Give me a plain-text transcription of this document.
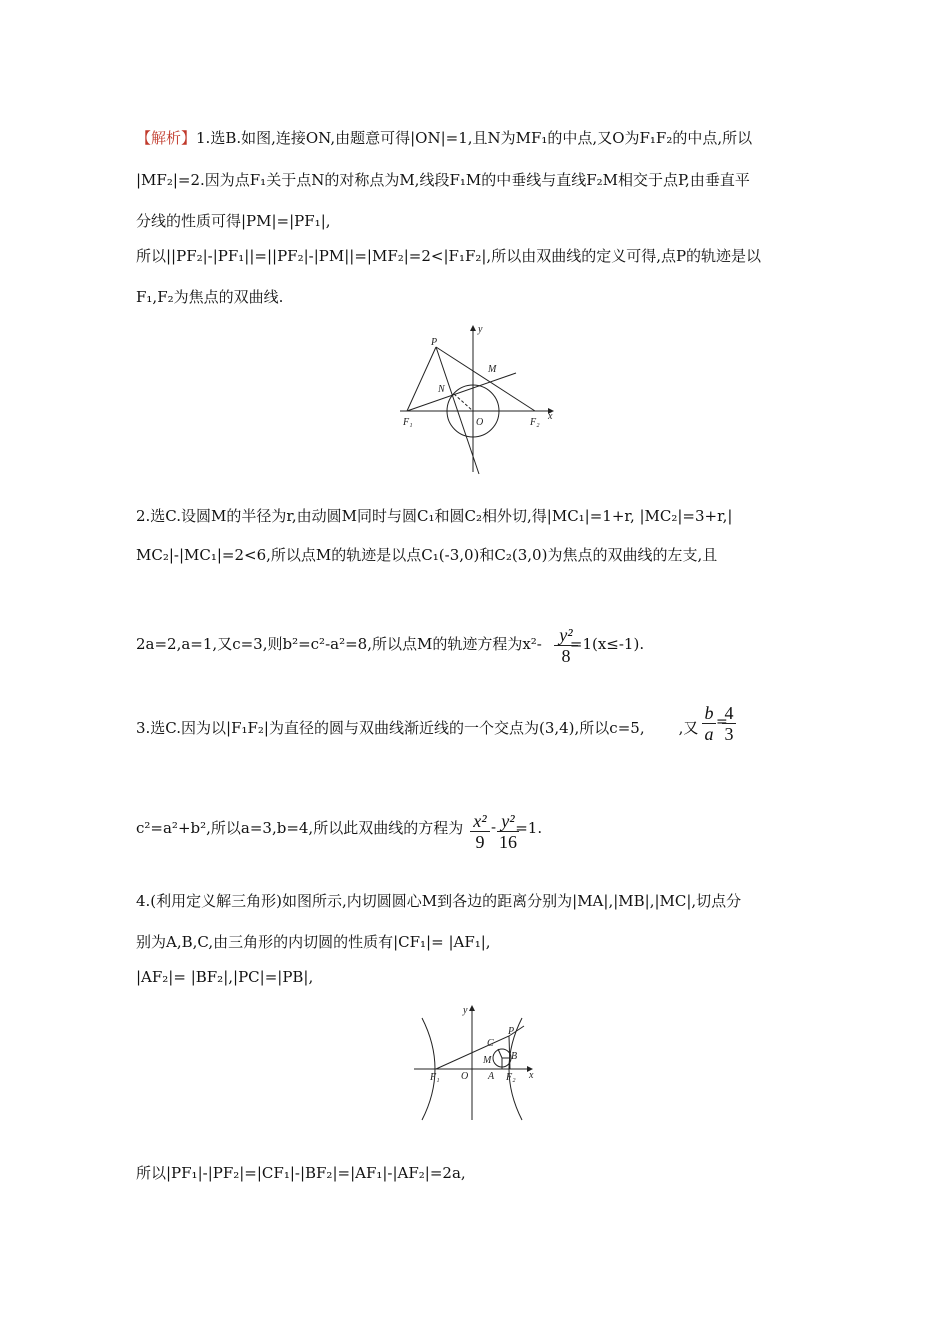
【解析】1.选B.如图,连接ON,由题意可得|ON|=1,且N为MF₁的中点,又O为F₁F₂的中点,所以
|MF₂|=2.因为点F₁关于点N的对称点为M,线段F₁M的中垂线与直线F₂M相交于点P,由垂直平
分线的性质可得|PM|=|PF₁|,
所以||PF₂|-|PF₁||=||PF₂|-|PM||=|MF₂|=2<|F₁F₂|,所以由双曲线的定义可得,点P的轨迹是以
F₁,F₂为焦点的双曲线.
P
M
N
O
F₁	F₂
x
y
2.选C.设圆M的半径为r,由动圆M同时与圆C₁和圆C₂相外切,得|MC₁|=1+r, |MC₂|=3+r,|
MC₂|-|MC₁|=2<6,所以点M的轨迹是以点C₁(-3,0)和C₂(3,0)为焦点的双曲线的左支,且
2a=2,a=1,又c=3,则b²=c²-a²=8,所以点M的轨迹方程为x²- =1(x≤-1).
y²
8
3.选C.因为以|F₁F₂|为直径的圆与双曲线渐近线的一个交点为(3,4),所以c=5, ,又
b
a
=
4
3
c²=a²+b²,所以a=3,b=4,所以此双曲线的方程为	=1.
x²
9
- y²
16
4.(利用定义解三角形)如图所示,内切圆圆心M到各边的距离分别为|MA|,|MB|,|MC|,切点分
别为A,B,C,由三角形的内切圆的性质有|CF₁|= |AF₁|,
|AF₂|= |BF₂|,|PC|=|PB|,
P
C
M B
O A
F₁	F₂ x
y
所以|PF₁|-|PF₂|=|CF₁|-|BF₂|=|AF₁|-|AF₂|=2a,
